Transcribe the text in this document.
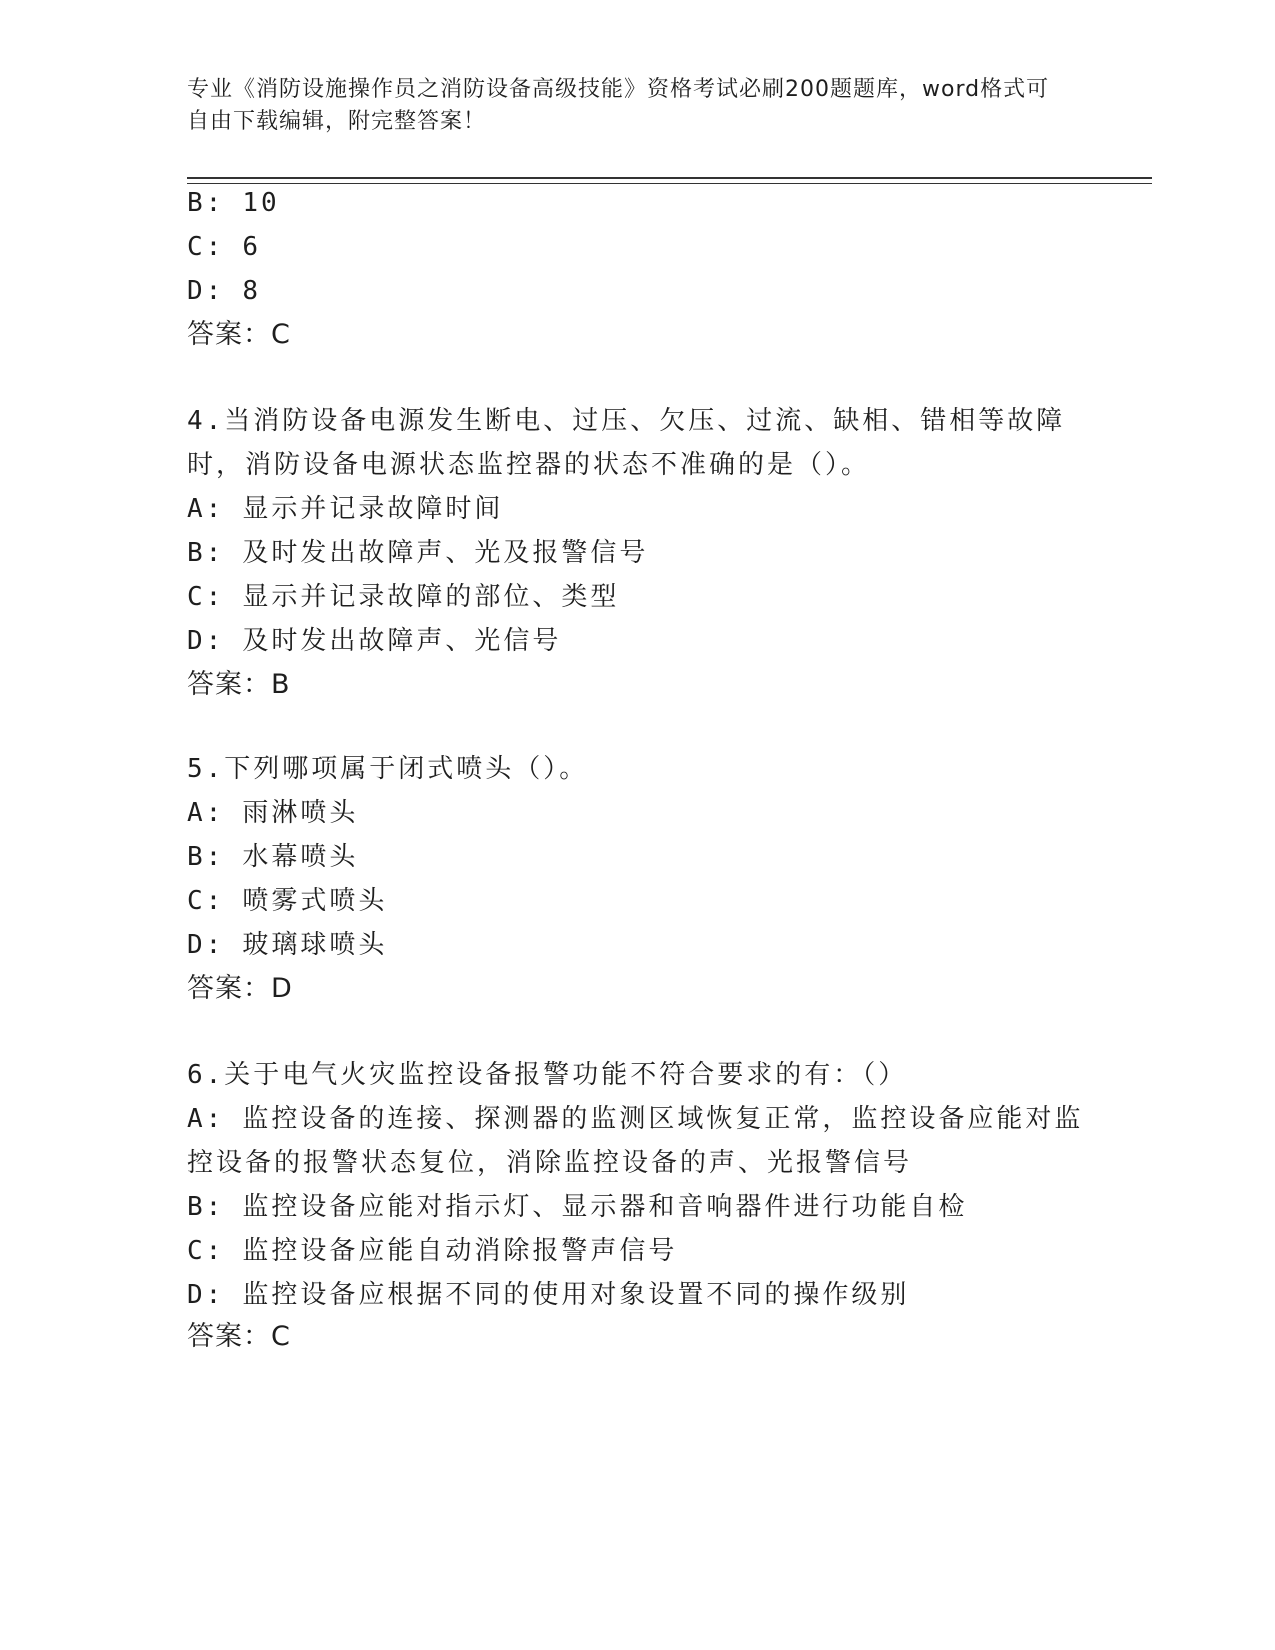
专业《消防设施操作员之消防设备高级技能》资格考试必刷200题题库，word格式可自由下载编辑，附完整答案！
B: 10
C: 6
D: 8
答案：C
4.当消防设备电源发生断电、过压、欠压、过流、缺相、错相等故障
时，消防设备电源状态监控器的状态不准确的是（）。
A: 显示并记录故障时间
B: 及时发出故障声、光及报警信号
C: 显示并记录故障的部位、类型
D: 及时发出故障声、光信号
答案：B
5.下列哪项属于闭式喷头（）。
A: 雨淋喷头
B: 水幕喷头
C: 喷雾式喷头
D: 玻璃球喷头
答案：D
6.关于电气火灾监控设备报警功能不符合要求的有：（）
A: 监控设备的连接、探测器的监测区域恢复正常，监控设备应能对监
控设备的报警状态复位，消除监控设备的声、光报警信号
B: 监控设备应能对指示灯、显示器和音响器件进行功能自检
C: 监控设备应能自动消除报警声信号
D: 监控设备应根据不同的使用对象设置不同的操作级别
答案：C
